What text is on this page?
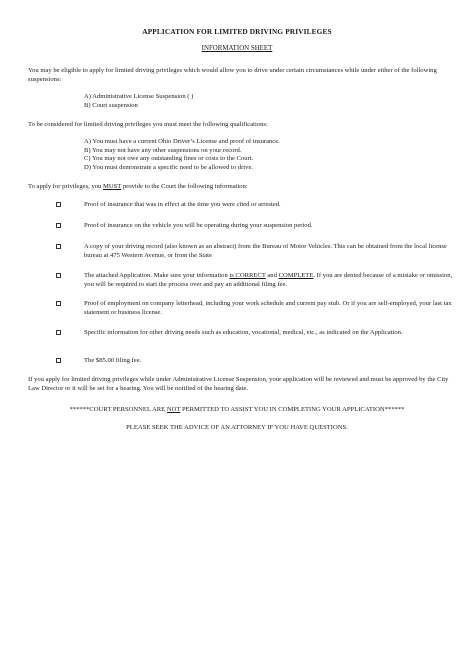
APPLICATION FOR LIMITED DRIVING PRIVILEGES
INFORMATION SHEET
You may be eligible to apply for limited driving privileges which would allow you to drive under certain circumstances while under either of the following suspensions:
A) Administrative License Suspension ( )
B) Court suspension
To be considered for limited driving privileges you must meet the following qualifications:
A) You must have a current Ohio Driver’s License and proof of insurance.
B) You may not have any other suspensions on your record.
C) You may not owe any outstanding fines or costs to the Court.
D) You must demonstrate a specific need to be allowed to drive.
To apply for privileges, you MUST provide to the Court the following information:
Proof of insurance that was in effect at the time you were cited or arrested.
Proof of insurance on the vehicle you will be operating during your suspension period.
A copy of your driving record (also known as an abstract) from the Bureau of Motor Vehicles. This can be obtained from the local license bureau at 475 Western Avenue, or from the State
The attached Application. Make sure your information is CORRECT and COMPLETE. If you are denied because of a mistake or omission, you will be required to start the process over and pay an additional filing fee.
Proof of employment on company letterhead, including your work schedule and current pay stub. Or if you are self-employed, your last tax statement or business license.
Specific information for other driving needs such as education, vocational, medical, etc., as indicated on the Application.
The $85.00 filing fee.
If you apply for limited driving privileges while under Administrative License Suspension, your application will be reviewed and must be approved by the City Law Director or it will be set for a hearing. You will be notified of the hearing date.
******COURT PERSONNEL ARE NOT PERMITTED TO ASSIST YOU IN COMPLETING YOUR APPLICATION******
PLEASE SEEK THE ADVICE OF AN ATTORNEY IF YOU HAVE QUESTIONS.
